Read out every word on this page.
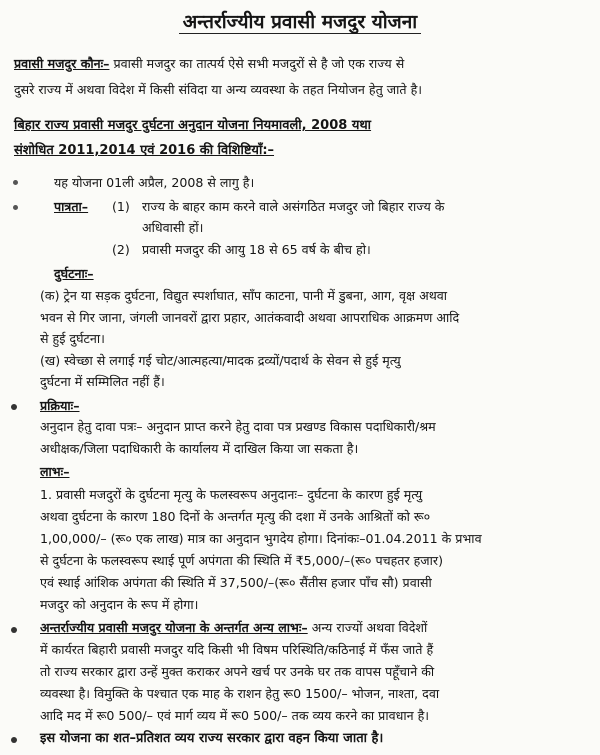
अन्तर्राज्यीय प्रवासी मजदुर योजना
प्रवासी मजदुर कौनः– प्रवासी मजदुर का तात्पर्य ऐसे सभी मजदुरों से है जो एक राज्य से
दुसरे राज्य में अथवा विदेश में किसी संविदा या अन्य व्यवस्था के तहत नियोजन हेतु जाते है।
बिहार राज्य प्रवासी मजदुर दुर्घटना अनुदान योजना नियमावली, 2008 यथा
संशोधित 2011,2014 एवं 2016 की विशिष्टियाँ:–
यह योजना 01ली अप्रैल, 2008 से लागु है।
पात्रता– (1) राज्य के बाहर काम करने वाले असंगठित मजदुर जो बिहार राज्य के
अधिवासी हों।
(2) प्रवासी मजदुर की आयु 18 से 65 वर्ष के बीच हो।
दुर्घटनाः–
(क) ट्रेन या सड़क दुर्घटना, विद्युत स्पर्शाघात, साँप काटना, पानी में डुबना, आग, वृक्ष अथवा
भवन से गिर जाना, जंगली जानवरों द्वारा प्रहार, आतंकवादी अथवा आपराधिक आक्रमण आदि
से हुई दुर्घटना।
(ख) स्वेच्छा से लगाई गई चोट/आत्महत्या/मादक द्रव्यों/पदार्थ के सेवन से हुई मृत्यु
दुर्घटना में सम्मिलित नहीं हैं।
प्रक्रियाः–
अनुदान हेतु दावा पत्रः– अनुदान प्राप्त करने हेतु दावा पत्र प्रखण्ड विकास पदाधिकारी/श्रम
अधीक्षक/जिला पदाधिकारी के कार्यालय में दाखिल किया जा सकता है।
लाभः–
1. प्रवासी मजदुरों के दुर्घटना मृत्यु के फलस्वरूप अनुदानः– दुर्घटना के कारण हुई मृत्यु
अथवा दुर्घटना के कारण 180 दिनों के अन्तर्गत मृत्यु की दशा में उनके आश्रितों को रू०
1,00,000/– (रू० एक लाख) मात्र का अनुदान भुगदेय होगा। दिनांकः–01.04.2011 के प्रभाव
से दुर्घटना के फलस्वरूप स्थाई पूर्ण अपंगता की स्थिति में ₹5,000/–(रू० पचहतर हजार)
एवं स्थाई आंशिक अपंगता की स्थिति में 37,500/–(रू० सैंतीस हजार पाँच सौ) प्रवासी
मजदुर को अनुदान के रूप में होगा।
अन्तर्राज्यीय प्रवासी मजदुर योजना के अन्तर्गत अन्य लाभः– अन्य राज्यों अथवा विदेशों
में कार्यरत बिहारी प्रवासी मजदुर यदि किसी भी विषम परिस्थिति/कठिनाई में फँस जाते हैं
तो राज्य सरकार द्वारा उन्हें मुक्त कराकर अपने खर्च पर उनके घर तक वापस पहूँचाने की
व्यवस्था है। विमुक्ति के पश्चात एक माह के राशन हेतु रू0 1500/– भोजन, नाश्ता, दवा
आदि मद में रू0 500/– एवं मार्ग व्यय में रू0 500/– तक व्यय करने का प्रावधान है।
इस योजना का शत–प्रतिशत व्यय राज्य सरकार द्वारा वहन किया जाता है।
